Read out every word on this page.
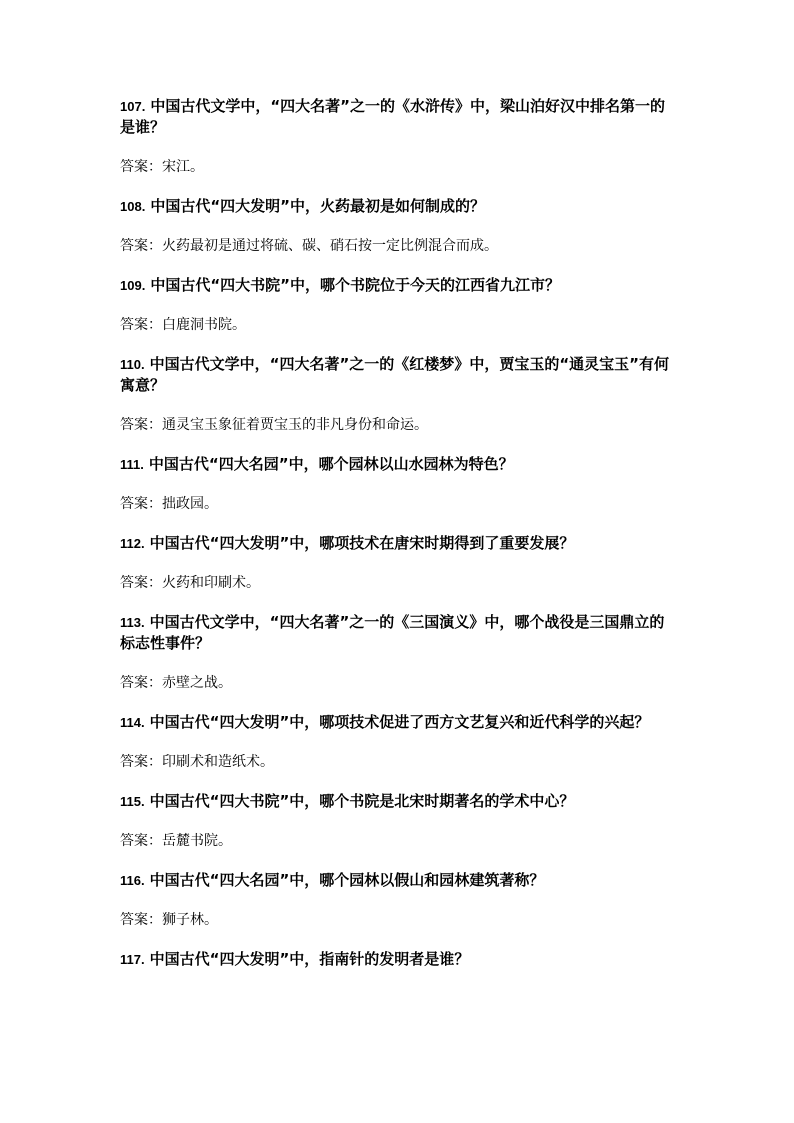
107. 中国古代文学中，“四大名著”之一的《水浒传》中，梁山泊好汉中排名第一的是谁？

答案：宋江。

108. 中国古代“四大发明”中，火药最初是如何制成的？

答案：火药最初是通过将硫、碳、硝石按一定比例混合而成。

109. 中国古代“四大书院”中，哪个书院位于今天的江西省九江市？

答案：白鹿洞书院。

110. 中国古代文学中，“四大名著”之一的《红楼梦》中，贾宝玉的“通灵宝玉”有何寓意？

答案：通灵宝玉象征着贾宝玉的非凡身份和命运。

111. 中国古代“四大名园”中，哪个园林以山水园林为特色？

答案：拙政园。

112. 中国古代“四大发明”中，哪项技术在唐宋时期得到了重要发展？

答案：火药和印刷术。

113. 中国古代文学中，“四大名著”之一的《三国演义》中，哪个战役是三国鼎立的标志性事件？

答案：赤壁之战。

114. 中国古代“四大发明”中，哪项技术促进了西方文艺复兴和近代科学的兴起？

答案：印刷术和造纸术。

115. 中国古代“四大书院”中，哪个书院是北宋时期著名的学术中心？

答案：岳麓书院。

116. 中国古代“四大名园”中，哪个园林以假山和园林建筑著称？

答案：狮子林。

117. 中国古代“四大发明”中，指南针的发明者是谁？
